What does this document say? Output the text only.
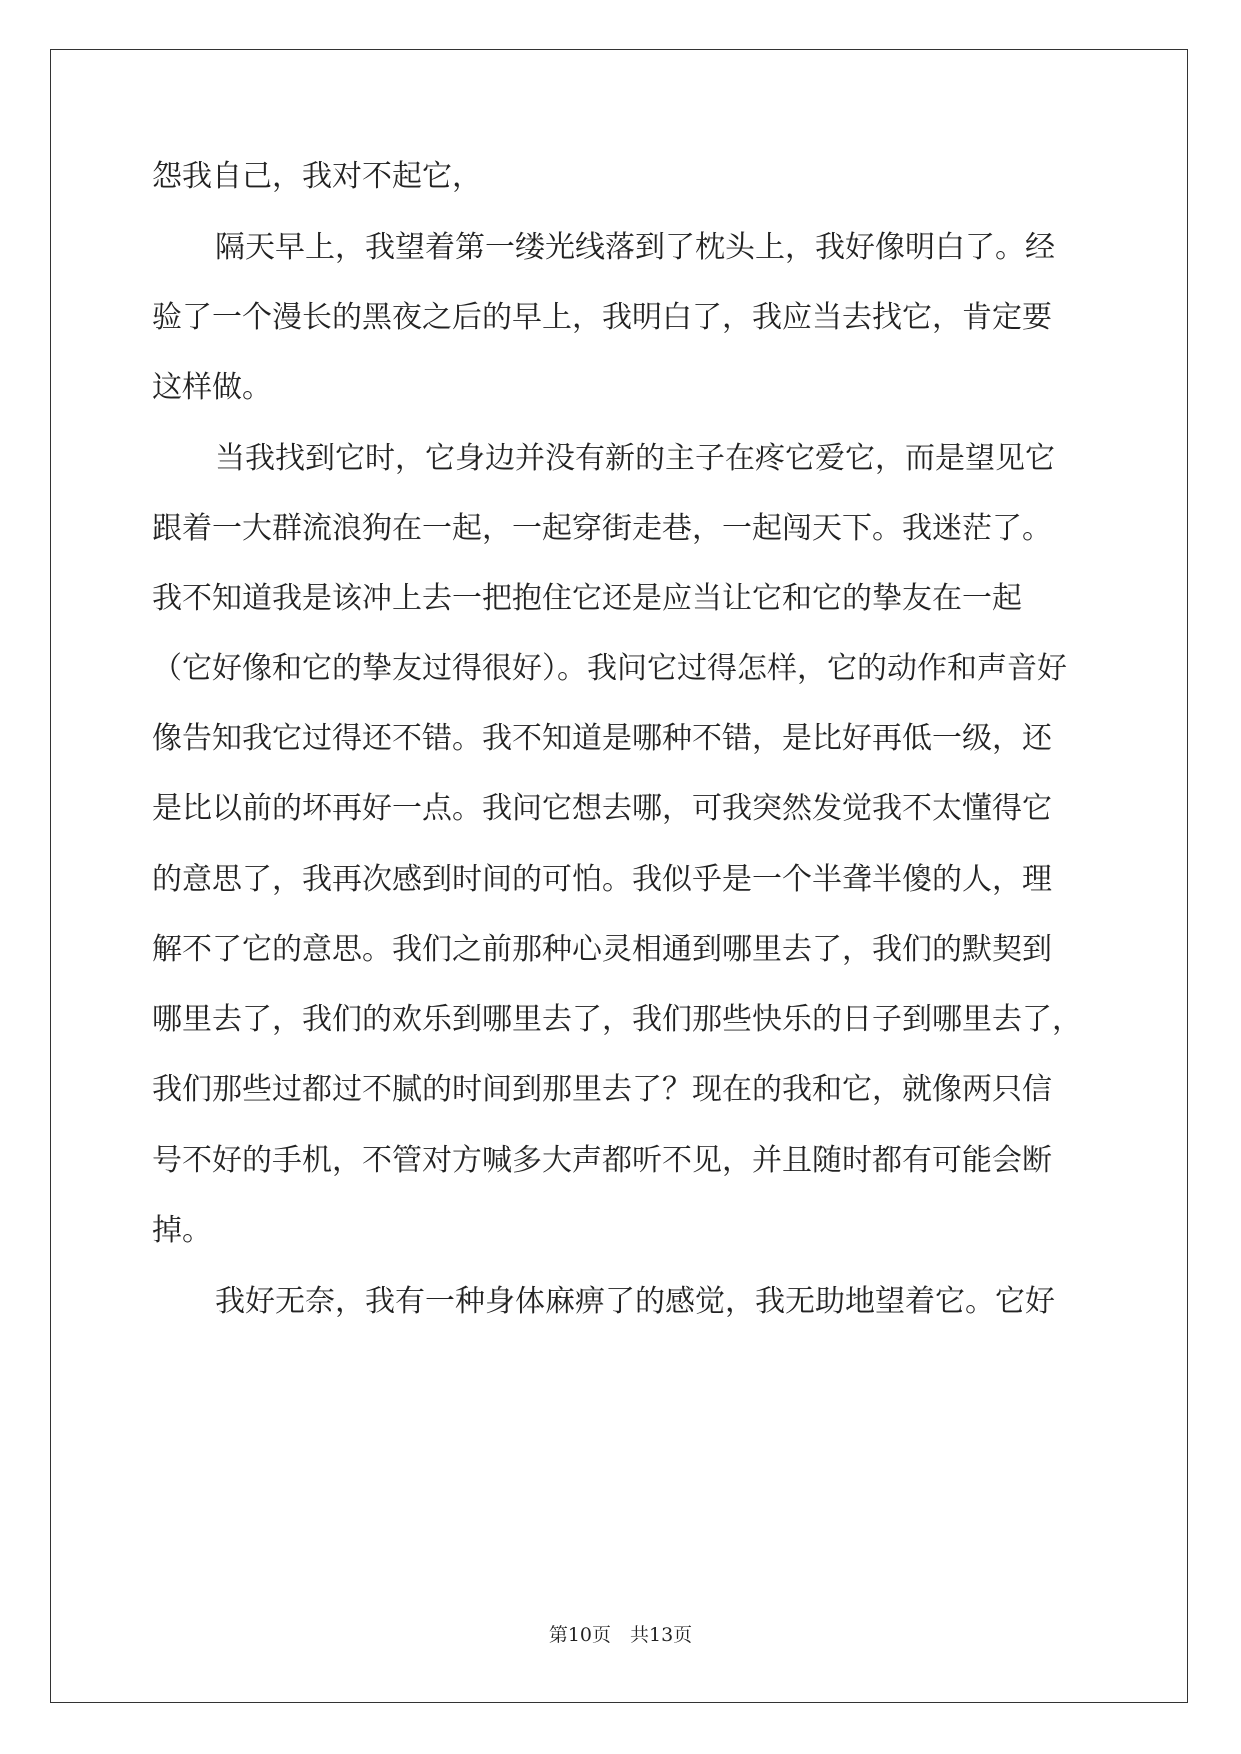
怨我自己，我对不起它，
隔天早上，我望着第一缕光线落到了枕头上，我好像明白了。经
验了一个漫长的黑夜之后的早上，我明白了，我应当去找它，肯定要
这样做。
当我找到它时，它身边并没有新的主子在疼它爱它，而是望见它
跟着一大群流浪狗在一起，一起穿街走巷，一起闯天下。我迷茫了。
我不知道我是该冲上去一把抱住它还是应当让它和它的挚友在一起
（它好像和它的挚友过得很好）。我问它过得怎样，它的动作和声音好
像告知我它过得还不错。我不知道是哪种不错，是比好再低一级，还
是比以前的坏再好一点。我问它想去哪，可我突然发觉我不太懂得它
的意思了，我再次感到时间的可怕。我似乎是一个半聋半傻的人，理
解不了它的意思。我们之前那种心灵相通到哪里去了，我们的默契到
哪里去了，我们的欢乐到哪里去了，我们那些快乐的日子到哪里去了，
我们那些过都过不腻的时间到那里去了？现在的我和它，就像两只信
号不好的手机，不管对方喊多大声都听不见，并且随时都有可能会断
掉。
我好无奈，我有一种身体麻痹了的感觉，我无助地望着它。它好
第10页　共13页
